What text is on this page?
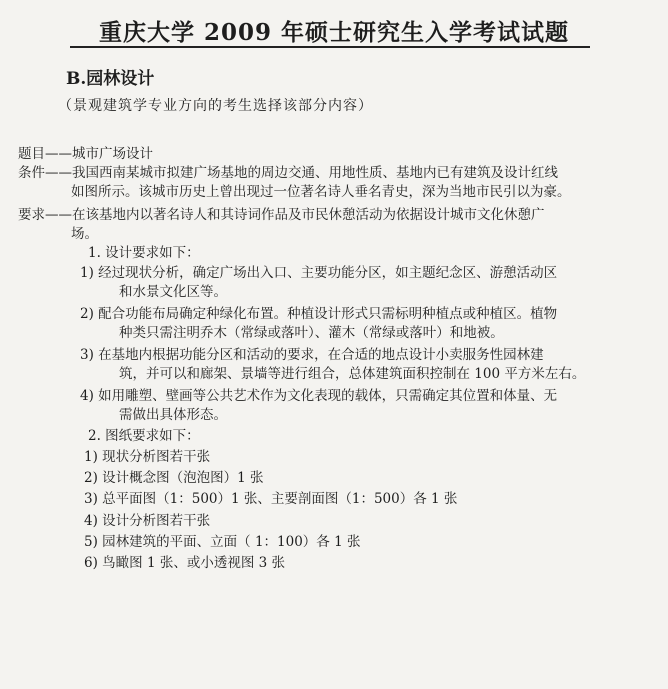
重庆大学 2009 年硕士研究生入学考试试题
B.园林设计
（景观建筑学专业方向的考生选择该部分内容）
题目——城市广场设计
条件——我国西南某城市拟建广场基地的周边交通、用地性质、基地内已有建筑及设计红线
如图所示。该城市历史上曾出现过一位著名诗人垂名青史，深为当地市民引以为豪。
要求——在该基地内以著名诗人和其诗词作品及市民休憩活动为依据设计城市文化休憩广
场。
1. 设计要求如下：
1) 经过现状分析，确定广场出入口、主要功能分区，如主题纪念区、游憩活动区
和水景文化区等。
2) 配合功能布局确定种绿化布置。种植设计形式只需标明种植点或种植区。植物
种类只需注明乔木（常绿或落叶）、灌木（常绿或落叶）和地被。
3) 在基地内根据功能分区和活动的要求，在合适的地点设计小卖服务性园林建
筑，并可以和廊架、景墙等进行组合，总体建筑面积控制在 100 平方米左右。
4) 如用雕塑、壁画等公共艺术作为文化表现的载体，只需确定其位置和体量、无
需做出具体形态。
2. 图纸要求如下：
1) 现状分析图若干张
2) 设计概念图（泡泡图）1 张
3) 总平面图（1：500）1 张、主要剖面图（1：500）各 1 张
4) 设计分析图若干张
5) 园林建筑的平面、立面（ 1：100）各 1 张
6) 鸟瞰图 1 张、或小透视图 3 张
